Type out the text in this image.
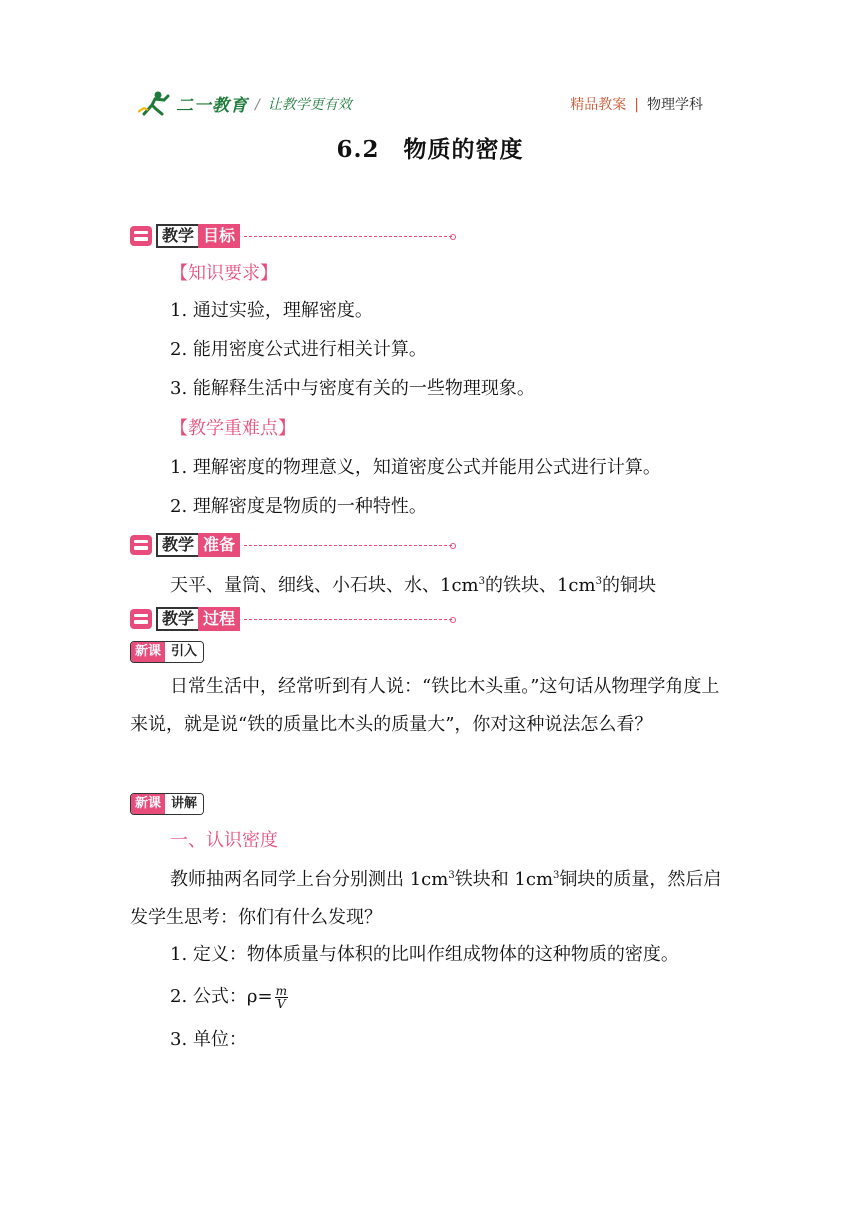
二一教育 / 让教学更有效	精品教案 | 物理学科
6.2　物质的密度
教学 目标
【知识要求】
1. 通过实验，理解密度。
2. 能用密度公式进行相关计算。
3. 能解释生活中与密度有关的一些物理现象。
【教学重难点】
1. 理解密度的物理意义，知道密度公式并能用公式进行计算。
2. 理解密度是物质的一种特性。
教学 准备
天平、量筒、细线、小石块、水、$1cm^3$的铁块、$1cm^3$的铜块
教学 过程
新课 引入
日常生活中，经常听到有人说：“铁比木头重。”这句话从物理学角度上来说，就是说“铁的质量比木头的质量大”，你对这种说法怎么看？
新课 讲解
一、认识密度
教师抽两名同学上台分别测出 $1cm^3$铁块和 $1cm^3$铜块的质量，然后启发学生思考：你们有什么发现？
1. 定义：物体质量与体积的比叫作组成物体的这种物质的密度。
2. 公式：$\rho= \frac{m}{V}$
3. 单位：
